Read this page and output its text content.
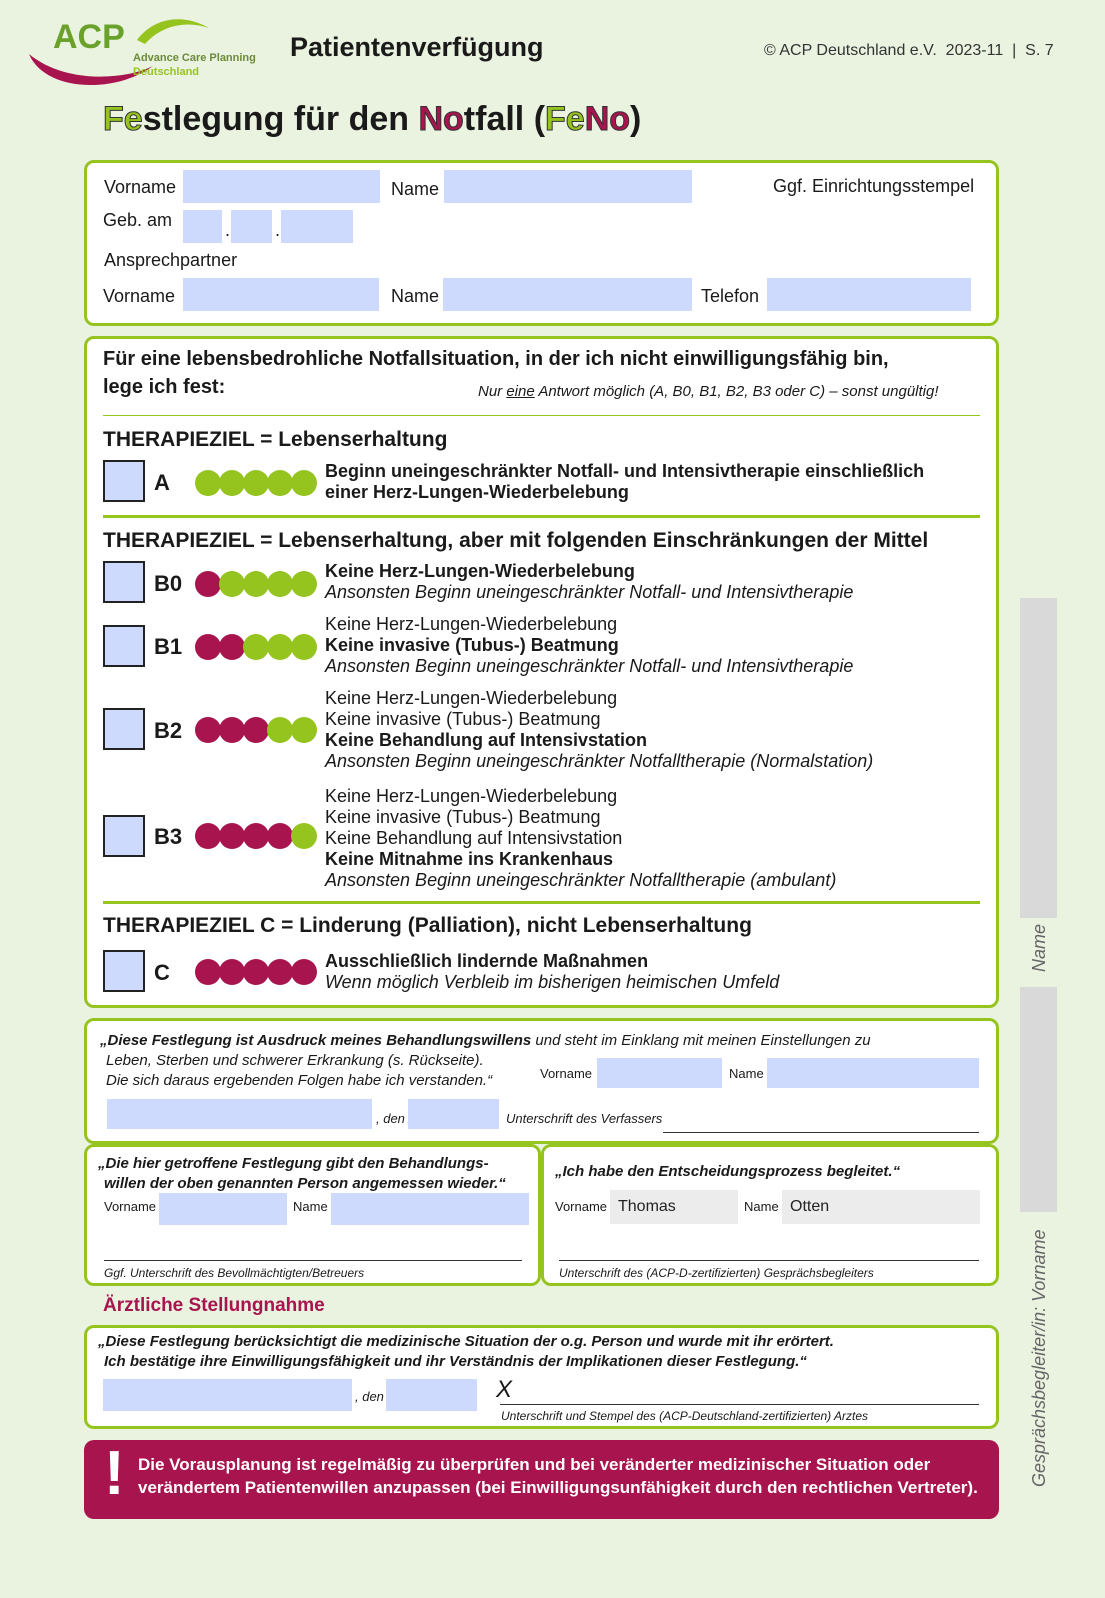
ACP
Advance Care Planning
Deutschland
Patientenverfügung	© ACP Deutschland e.V.  2023-11  |  S. 7
Festlegung für den Notfall (FeNo)
Vorname	Name	Ggf. Einrichtungsstempel
Geb. am	. .
Ansprechpartner
Vorname	Name	Telefon
Für eine lebensbedrohliche Notfallsituation, in der ich nicht einwilligungsfähig bin,
lege ich fest:	Nur eine Antwort möglich (A, B0, B1, B2, B3 oder C) – sonst ungültig!
THERAPIEZIEL = Lebenserhaltung
A	Beginn uneingeschränkter Notfall- und Intensivtherapie einschließlich
einer Herz-Lungen-Wiederbelebung
THERAPIEZIEL = Lebenserhaltung, aber mit folgenden Einschränkungen der Mittel
B0	Keine Herz-Lungen-Wiederbelebung
Ansonsten Beginn uneingeschränkter Notfall- und Intensivtherapie
B1
Keine Herz-Lungen-Wiederbelebung
Keine invasive (Tubus-) Beatmung
Ansonsten Beginn uneingeschränkter Notfall- und Intensivtherapie
B2
Keine Herz-Lungen-Wiederbelebung
Keine invasive (Tubus-) Beatmung
Keine Behandlung auf Intensivstation
Ansonsten Beginn uneingeschränkter Notfalltherapie (Normalstation)
B3
Keine Herz-Lungen-Wiederbelebung
Keine invasive (Tubus-) Beatmung
Keine Behandlung auf Intensivstation
Keine Mitnahme ins Krankenhaus
Ansonsten Beginn uneingeschränkter Notfalltherapie (ambulant)
THERAPIEZIEL C = Linderung (Palliation), nicht Lebenserhaltung
C	Ausschließlich lindernde Maßnahmen
Wenn möglich Verbleib im bisherigen heimischen Umfeld
„Diese Festlegung ist Ausdruck meines Behandlungswillens und steht im Einklang mit meinen Einstellungen zu
Leben, Sterben und schwerer Erkrankung (s. Rückseite).
Die sich daraus ergebenden Folgen habe ich verstanden.“	Vorname	Name
, den	Unterschrift des Verfassers
„Die hier getroffene Festlegung gibt den Behandlungs-
willen der oben genannten Person angemessen wieder.“
Vorname	Name
Ggf. Unterschrift des Bevollmächtigten/Betreuers
„Ich habe den Entscheidungsprozess begleitet.“
Vorname Thomas	Name Otten
Unterschrift des (ACP-D-zertifizierten) Gesprächsbegleiters
Ärztliche Stellungnahme
„Diese Festlegung berücksichtigt die medizinische Situation der o.g. Person und wurde mit ihr erörtert.
Ich bestätige ihre Einwilligungsfähigkeit und ihr Verständnis der Implikationen dieser Festlegung.“
, den	X
Unterschrift und Stempel des (ACP-Deutschland-zertifizierten) Arztes
! Die Vorausplanung ist regelmäßig zu überprüfen und bei veränderter medizinischer Situation oder
verändertem Patientenwillen anzupassen (bei Einwilligungsunfähigkeit durch den rechtlichen Vertreter).
Name
Gesprächsbegleiter/in: Vorname
